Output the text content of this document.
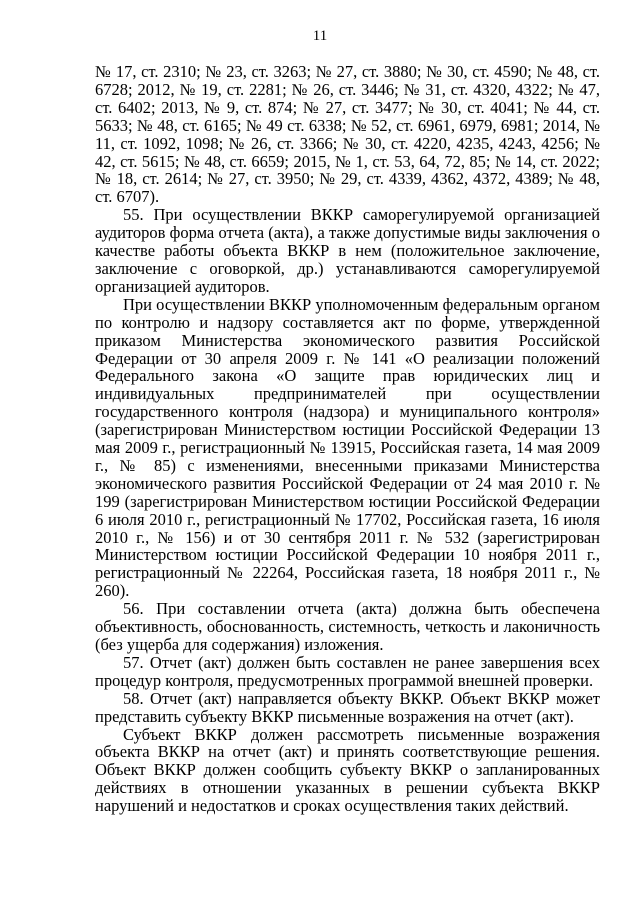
11

№ 17, ст. 2310; № 23, ст. 3263; № 27, ст. 3880; № 30, ст. 4590; № 48, ст. 6728; 2012, № 19, ст. 2281; № 26, ст. 3446; № 31, ст. 4320, 4322; № 47, ст. 6402; 2013, № 9, ст. 874; № 27, ст. 3477; № 30, ст. 4041; № 44, ст. 5633; № 48, ст. 6165; № 49 ст. 6338; № 52, ст. 6961, 6979, 6981; 2014, № 11, ст. 1092, 1098; № 26, ст. 3366; № 30, ст. 4220, 4235, 4243, 4256; № 42, ст. 5615; № 48, ст. 6659; 2015, № 1, ст. 53, 64, 72, 85; № 14, ст. 2022; № 18, ст. 2614; № 27, ст. 3950; № 29, ст. 4339, 4362, 4372, 4389; № 48, ст. 6707).

55. При осуществлении ВККР саморегулируемой организацией аудиторов форма отчета (акта), а также допустимые виды заключения о качестве работы объекта ВККР в нем (положительное заключение, заключение с оговоркой, др.) устанавливаются саморегулируемой организацией аудиторов.

При осуществлении ВККР уполномоченным федеральным органом по контролю и надзору составляется акт по форме, утвержденной приказом Министерства экономического развития Российской Федерации от 30 апреля 2009 г. № 141 «О реализации положений Федерального закона «О защите прав юридических лиц и индивидуальных предпринимателей при осуществлении государственного контроля (надзора) и муниципального контроля» (зарегистрирован Министерством юстиции Российской Федерации 13 мая 2009 г., регистрационный № 13915, Российская газета, 14 мая 2009 г., № 85) с изменениями, внесенными приказами Министерства экономического развития Российской Федерации от 24 мая 2010 г. № 199 (зарегистрирован Министерством юстиции Российской Федерации 6 июля 2010 г., регистрационный № 17702, Российская газета, 16 июля 2010 г., № 156) и от 30 сентября 2011 г. № 532 (зарегистрирован Министерством юстиции Российской Федерации 10 ноября 2011 г., регистрационный № 22264, Российская газета, 18 ноября 2011 г., № 260).

56. При составлении отчета (акта) должна быть обеспечена объективность, обоснованность, системность, четкость и лаконичность (без ущерба для содержания) изложения.

57. Отчет (акт) должен быть составлен не ранее завершения всех процедур контроля, предусмотренных программой внешней проверки.

58. Отчет (акт) направляется объекту ВККР. Объект ВККР может представить субъекту ВККР письменные возражения на отчет (акт).

Субъект ВККР должен рассмотреть письменные возражения объекта ВККР на отчет (акт) и принять соответствующие решения. Объект ВККР должен сообщить субъекту ВККР о запланированных действиях в отношении указанных в решении субъекта ВККР нарушений и недостатков и сроках осуществления таких действий.
